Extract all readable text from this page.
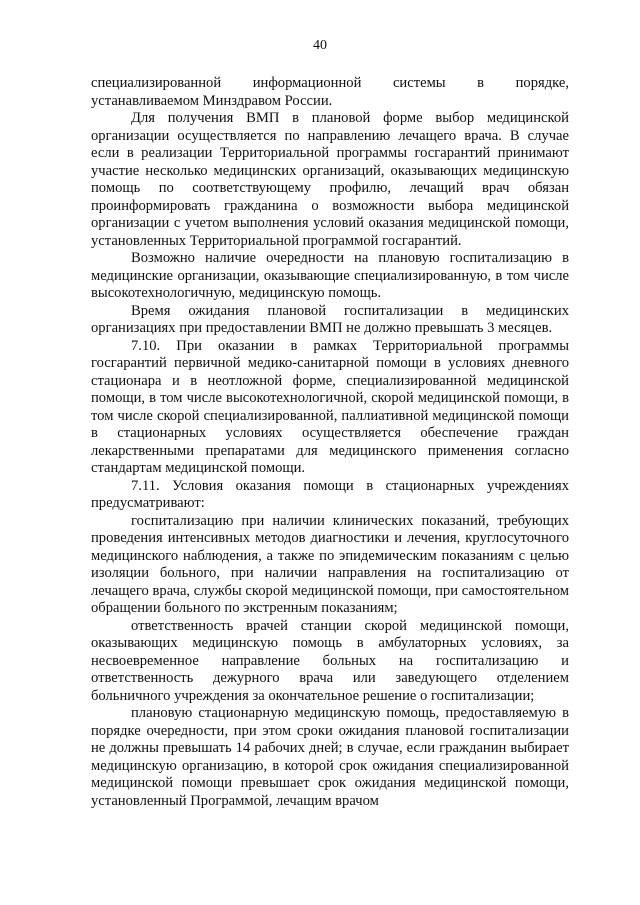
40

специализированной информационной системы в порядке, устанавливаемом Минздравом России.

Для получения ВМП в плановой форме выбор медицинской организации осуществляется по направлению лечащего врача. В случае если в реализации Территориальной программы госгарантий принимают участие несколько медицинских организаций, оказывающих медицинскую помощь по соответствующему профилю, лечащий врач обязан проинформировать гражданина о возможности выбора медицинской организации с учетом выполнения условий оказания медицинской помощи, установленных Территориальной программой госгарантий.

Возможно наличие очередности на плановую госпитализацию в медицинские организации, оказывающие специализированную, в том числе высокотехнологичную, медицинскую помощь.

Время ожидания плановой госпитализации в медицинских организациях при предоставлении ВМП не должно превышать 3 месяцев.

7.10. При оказании в рамках Территориальной программы госгарантий первичной медико-санитарной помощи в условиях дневного стационара и в неотложной форме, специализированной медицинской помощи, в том числе высокотехнологичной, скорой медицинской помощи, в том числе скорой специализированной, паллиативной медицинской помощи в стационарных условиях осуществляется обеспечение граждан лекарственными препаратами для медицинского применения согласно стандартам медицинской помощи.

7.11. Условия оказания помощи в стационарных учреждениях предусматривают:

госпитализацию при наличии клинических показаний, требующих проведения интенсивных методов диагностики и лечения, круглосуточного медицинского наблюдения, а также по эпидемическим показаниям с целью изоляции больного, при наличии направления на госпитализацию от лечащего врача, службы скорой медицинской помощи, при самостоятельном обращении больного по экстренным показаниям;

ответственность врачей станции скорой медицинской помощи, оказывающих медицинскую помощь в амбулаторных условиях, за несвоевременное направление больных на госпитализацию и ответственность дежурного врача или заведующего отделением больничного учреждения за окончательное решение о госпитализации;

плановую стационарную медицинскую помощь, предоставляемую в порядке очередности, при этом сроки ожидания плановой госпитализации не должны превышать 14 рабочих дней; в случае, если гражданин выбирает медицинскую организацию, в которой срок ожидания специализированной медицинской помощи превышает срок ожидания медицинской помощи, установленный Программой, лечащим врачом
